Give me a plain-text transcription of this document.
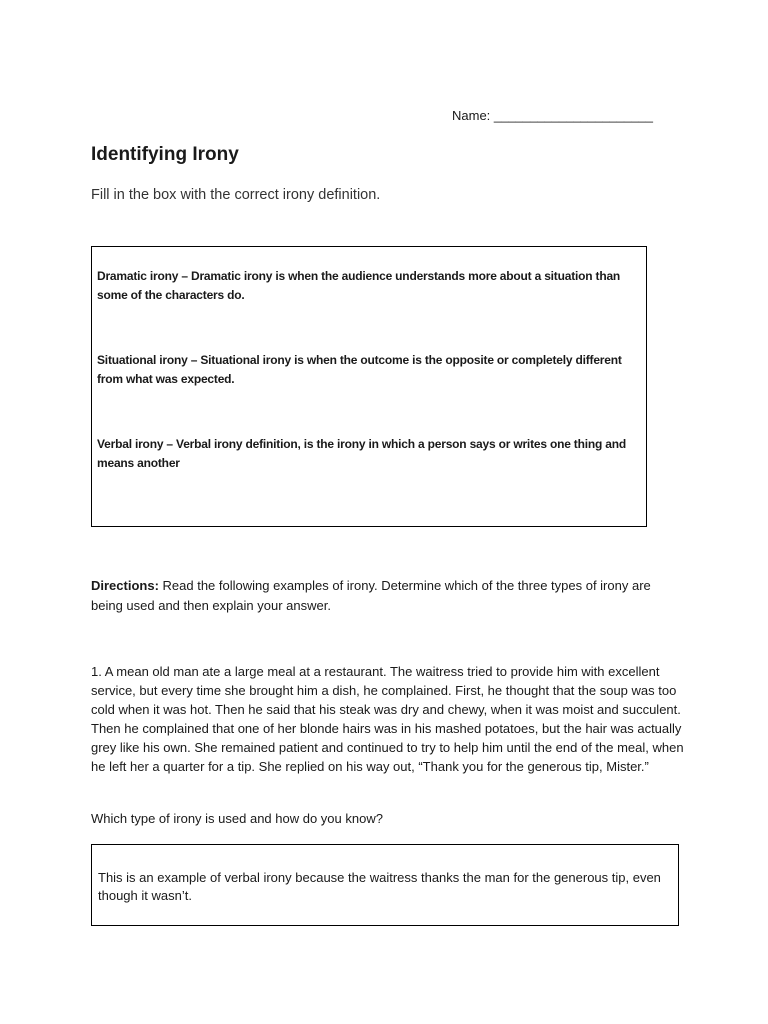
Name: ______________________
Identifying Irony

Fill in the box with the correct irony definition.

Dramatic irony – Dramatic irony is when the audience understands more about a situation than some of the characters do.

Situational irony – Situational irony is when the outcome is the opposite or completely different from what was expected.

Verbal irony – Verbal irony definition, is the irony in which a person says or writes one thing and means another

Directions: Read the following examples of irony. Determine which of the three types of irony are being used and then explain your answer.

1. A mean old man ate a large meal at a restaurant. The waitress tried to provide him with excellent service, but every time she brought him a dish, he complained. First, he thought that the soup was too cold when it was hot. Then he said that his steak was dry and chewy, when it was moist and succulent. Then he complained that one of her blonde hairs was in his mashed potatoes, but the hair was actually grey like his own. She remained patient and continued to try to help him until the end of the meal, when he left her a quarter for a tip. She replied on his way out, “Thank you for the generous tip, Mister.”

Which type of irony is used and how do you know?

This is an example of verbal irony because the waitress thanks the man for the generous tip, even though it wasn’t.
